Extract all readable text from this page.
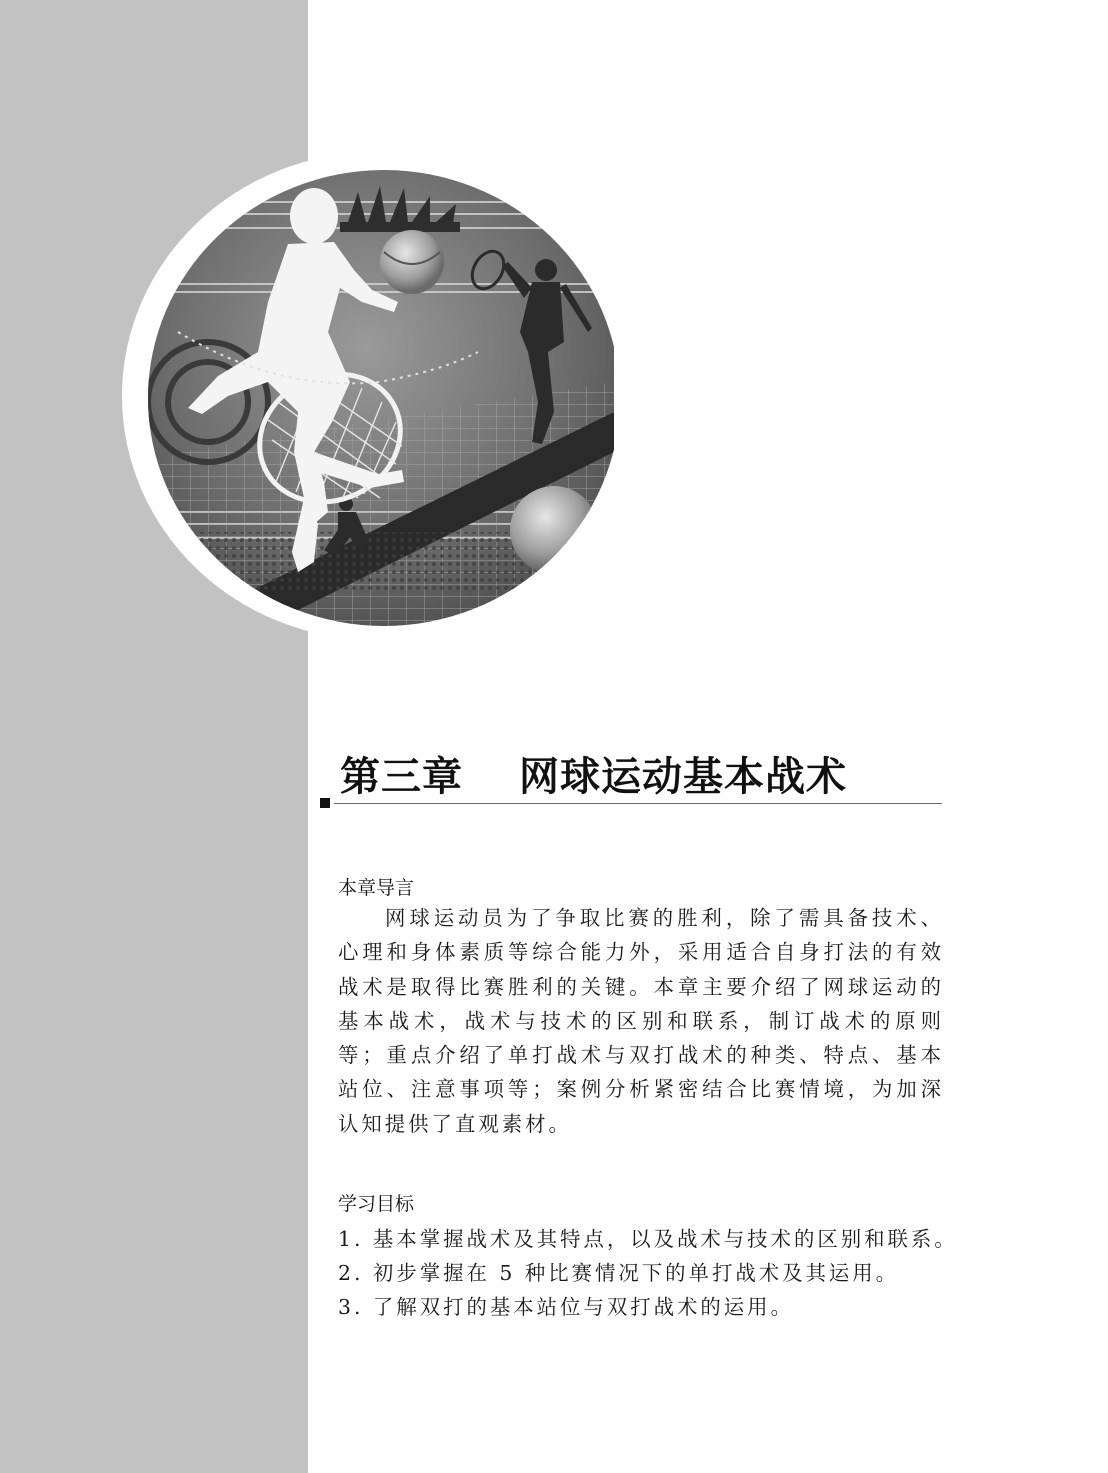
第三章 网球运动基本战术
本章导言

网球运动员为了争取比赛的胜利，除了需具备技术、心理和身体素质等综合能力外，采用适合自身打法的有效战术是取得比赛胜利的关键。本章主要介绍了网球运动的基本战术，战术与技术的区别和联系，制订战术的原则等；重点介绍了单打战术与双打战术的种类、特点、基本站位、注意事项等；案例分析紧密结合比赛情境，为加深认知提供了直观素材。

学习目标
1. 基本掌握战术及其特点，以及战术与技术的区别和联系。
2. 初步掌握在 5 种比赛情况下的单打战术及其运用。
3. 了解双打的基本站位与双打战术的运用。
